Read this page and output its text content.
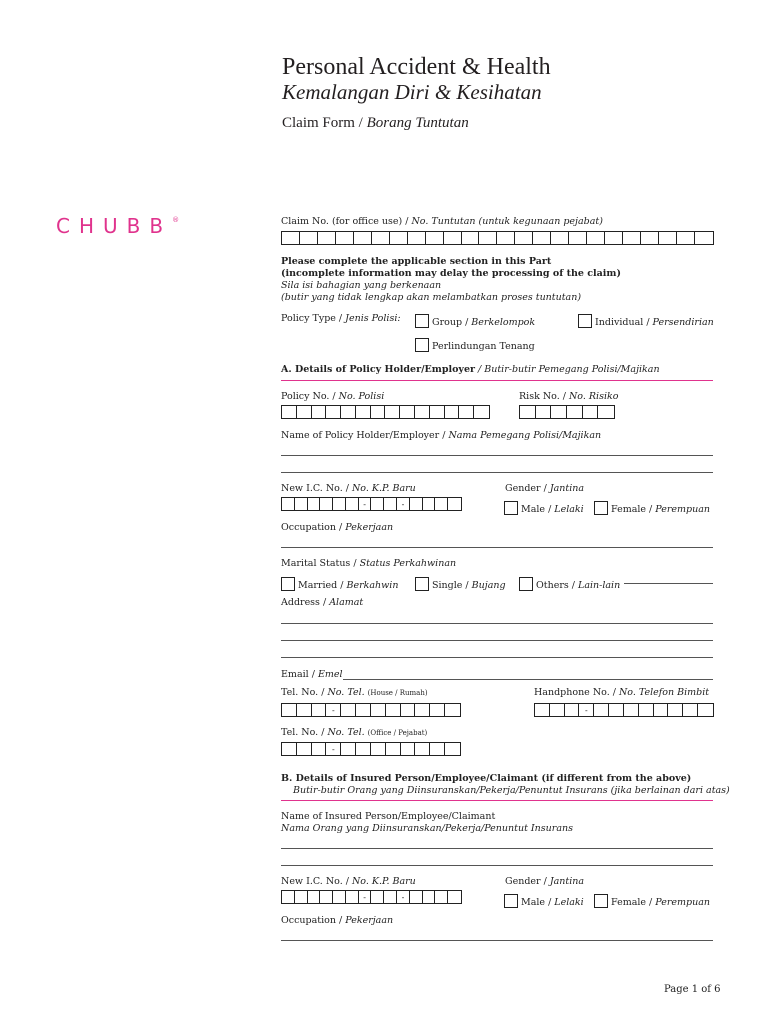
Personal Accident & Health
Kemalangan Diri & Kesihatan
Claim Form / Borang Tuntutan
CHUBB®	Claim No. (for office use) / No. Tuntutan (untuk kegunaan pejabat)
Please complete the applicable section in this Part
(incomplete information may delay the processing of the claim)
Sila isi bahagian yang berkenaan
(butir yang tidak lengkap akan melambatkan proses tuntutan)
Policy Type / Jenis Polisi:	Group / Berkelompok	Individual / Persendirian
Perlindungan Tenang
A. Details of Policy Holder/Employer / Butir-butir Pemegang Polisi/Majikan
Policy No. / No. Polisi	Risk No. / No. Risiko
Name of Policy Holder/Employer / Nama Pemegang Polisi/Majikan
New I.C. No. / No. K.P. Baru
-	-
Gender / Jantina
Male / Lelaki	Female / Perempuan
Occupation / Pekerjaan
Marital Status / Status Perkahwinan
Married / Berkahwin	Single / Bujang	Others / Lain-lain
Address / Alamat
Email / Emel
Tel. No. / No. Tel. (House / Rumah)
-
Handphone No. / No. Telefon Bimbit
-
Tel. No. / No. Tel. (Office / Pejabat)
-
B. Details of Insured Person/Employee/Claimant (if different from the above)
Butir-butir Orang yang Diinsuranskan/Pekerja/Penuntut Insurans (jika berlainan dari atas)
Name of Insured Person/Employee/Claimant
Nama Orang yang Diinsuranskan/Pekerja/Penuntut Insurans
New I.C. No. / No. K.P. Baru
-	-
Gender / Jantina
Male / Lelaki	Female / Perempuan
Occupation / Pekerjaan
Page 1 of 6
